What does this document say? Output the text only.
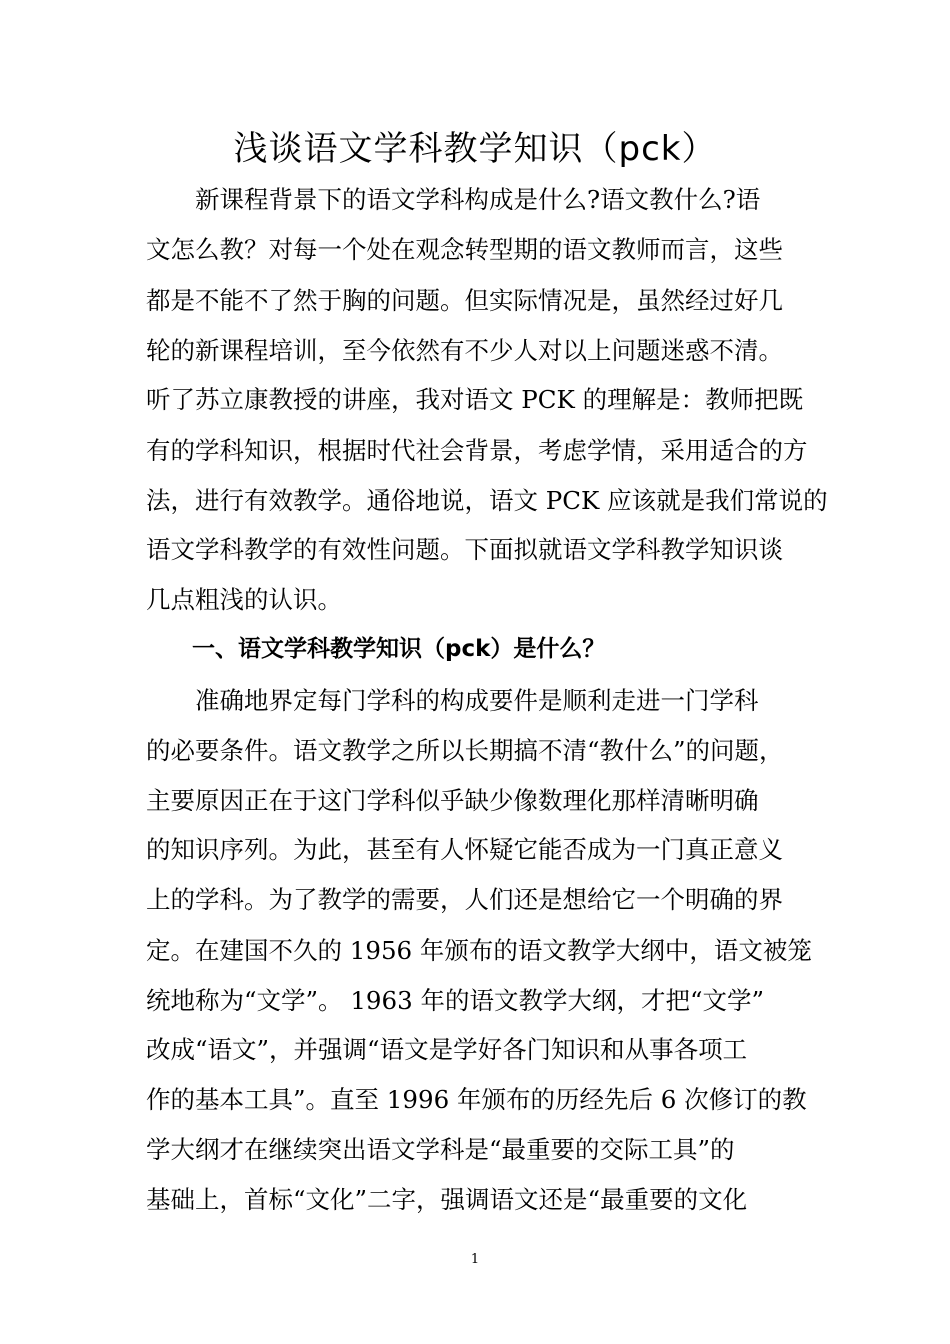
浅谈语文学科教学知识（pck）

　　新课程背景下的语文学科构成是什么?语文教什么?语

文怎么教？对每一个处在观念转型期的语文教师而言，这些

都是不能不了然于胸的问题。但实际情况是，虽然经过好几

轮的新课程培训，至今依然有不少人对以上问题迷惑不清。

听了苏立康教授的讲座，我对语文 PCK 的理解是：教师把既

有的学科知识，根据时代社会背景，考虑学情，采用适合的方

法，进行有效教学。通俗地说，语文 PCK 应该就是我们常说的

语文学科教学的有效性问题。下面拟就语文学科教学知识谈

几点粗浅的认识。

　　一、语文学科教学知识（pck）是什么？

　　准确地界定每门学科的构成要件是顺利走进一门学科

的必要条件。语文教学之所以长期搞不清“教什么”的问题，

主要原因正在于这门学科似乎缺少像数理化那样清晰明确

的知识序列。为此，甚至有人怀疑它能否成为一门真正意义

上的学科。为了教学的需要，人们还是想给它一个明确的界

定。在建国不久的 1956 年颁布的语文教学大纲中，语文被笼

统地称为“文学”。 1963 年的语文教学大纲，才把“文学”

改成“语文”，并强调“语文是学好各门知识和从事各项工

作的基本工具”。直至 1996 年颁布的历经先后 6 次修订的教

学大纲才在继续突出语文学科是“最重要的交际工具”的

基础上，首标“文化”二字，强调语文还是“最重要的文化

1
